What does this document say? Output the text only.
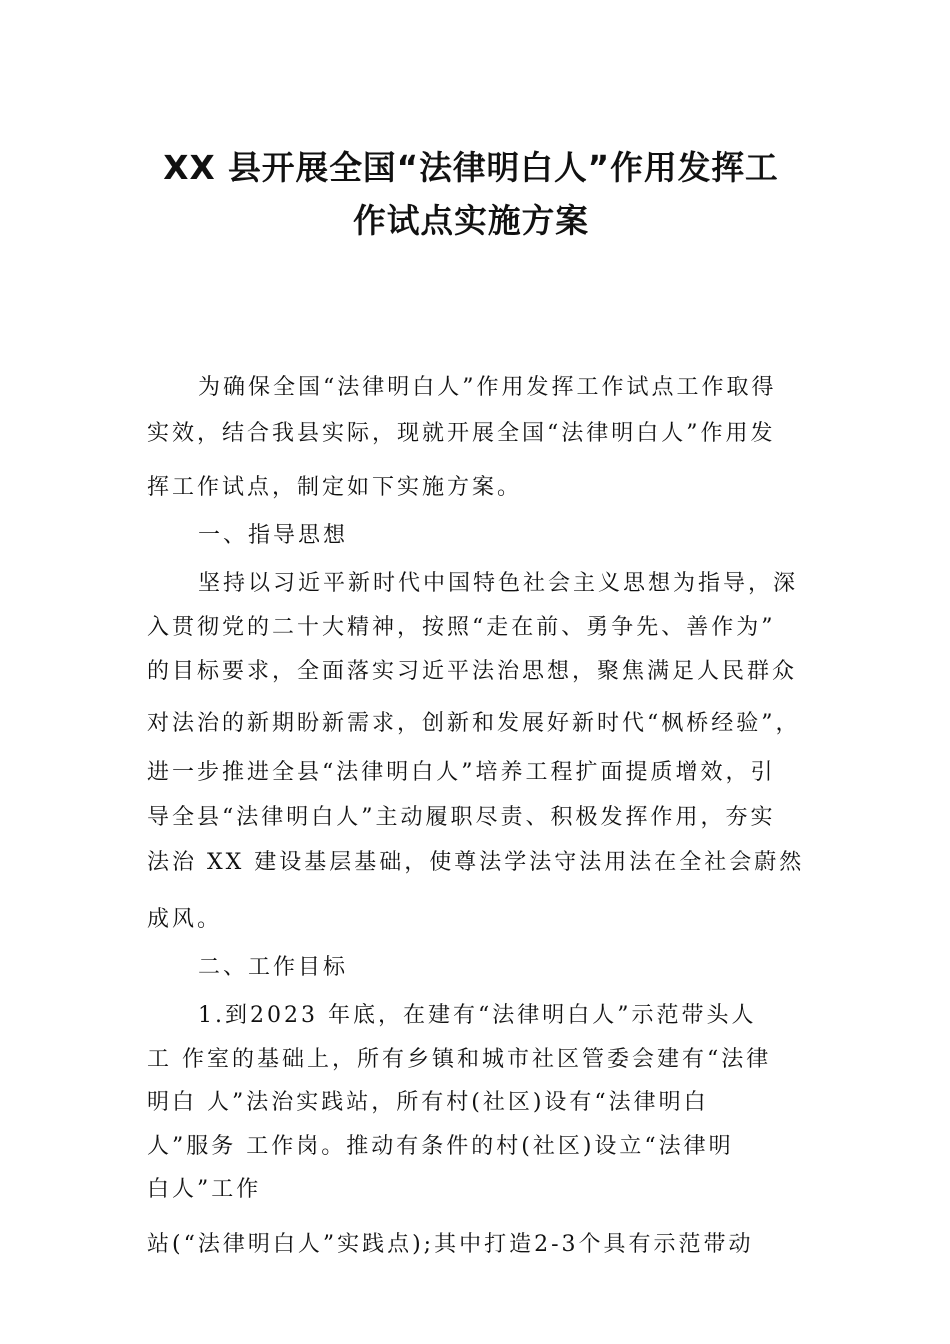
XX 县开展全国“法律明白人”作用发挥工
作试点实施方案

为确保全国“法律明白人”作用发挥工作试点工作取得

实效，结合我县实际，现就开展全国“法律明白人”作用发

挥工作试点，制定如下实施方案。

一、指导思想

坚持以习近平新时代中国特色社会主义思想为指导，深

入贯彻党的二十大精神，按照“走在前、勇争先、善作为”

的目标要求，全面落实习近平法治思想，聚焦满足人民群众

对法治的新期盼新需求，创新和发展好新时代“枫桥经验”，

进一步推进全县“法律明白人”培养工程扩面提质增效，引

导全县“法律明白人”主动履职尽责、积极发挥作用，夯实

法治 XX 建设基层基础，使尊法学法守法用法在全社会蔚然

成风。

二、工作目标

1.到2023 年底，在建有“法律明白人”示范带头人

工 作室的基础上，所有乡镇和城市社区管委会建有“法律

明白 人”法治实践站，所有村(社区)设有“法律明白

人”服务 工作岗。推动有条件的村(社区)设立“法律明

白人”工作

站(“法律明白人”实践点);其中打造2-3个具有示范带动
